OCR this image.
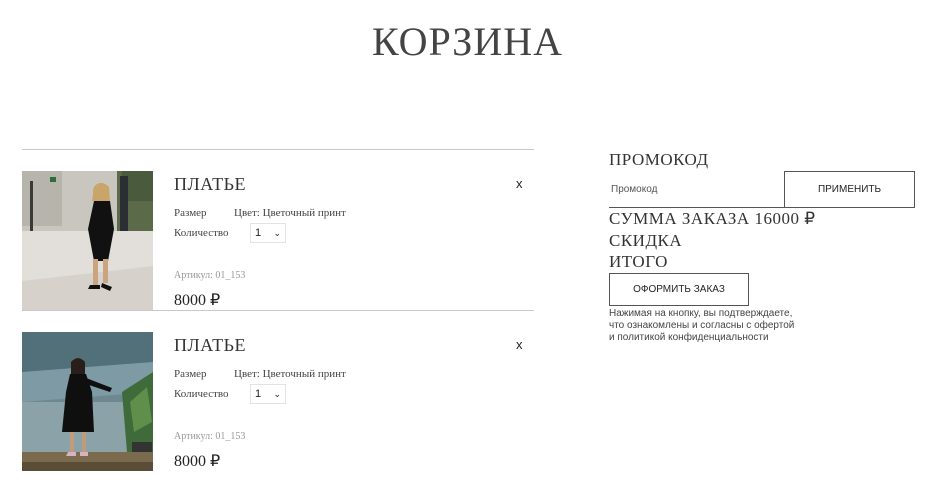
КОРЗИНА
ПЛАТЬЕ	x
Размер Цвет: Цветочный принт
Количество 1 ⌄
Артикул: 01_153
8000 ₽
ПЛАТЬЕ	x
Размер Цвет: Цветочный принт
Количество 1 ⌄
Артикул: 01_153
8000 ₽
ПРОМОКОД
Промокод
ПРИМЕНИТЬ
СУММА ЗАКАЗА 16000 ₽
СКИДКА
ИТОГО
ОФОРМИТЬ ЗАКАЗ
Нажимая на кнопку, вы подтверждаете,
что ознакомлены и согласны с офертой
и политикой конфиденциальности
